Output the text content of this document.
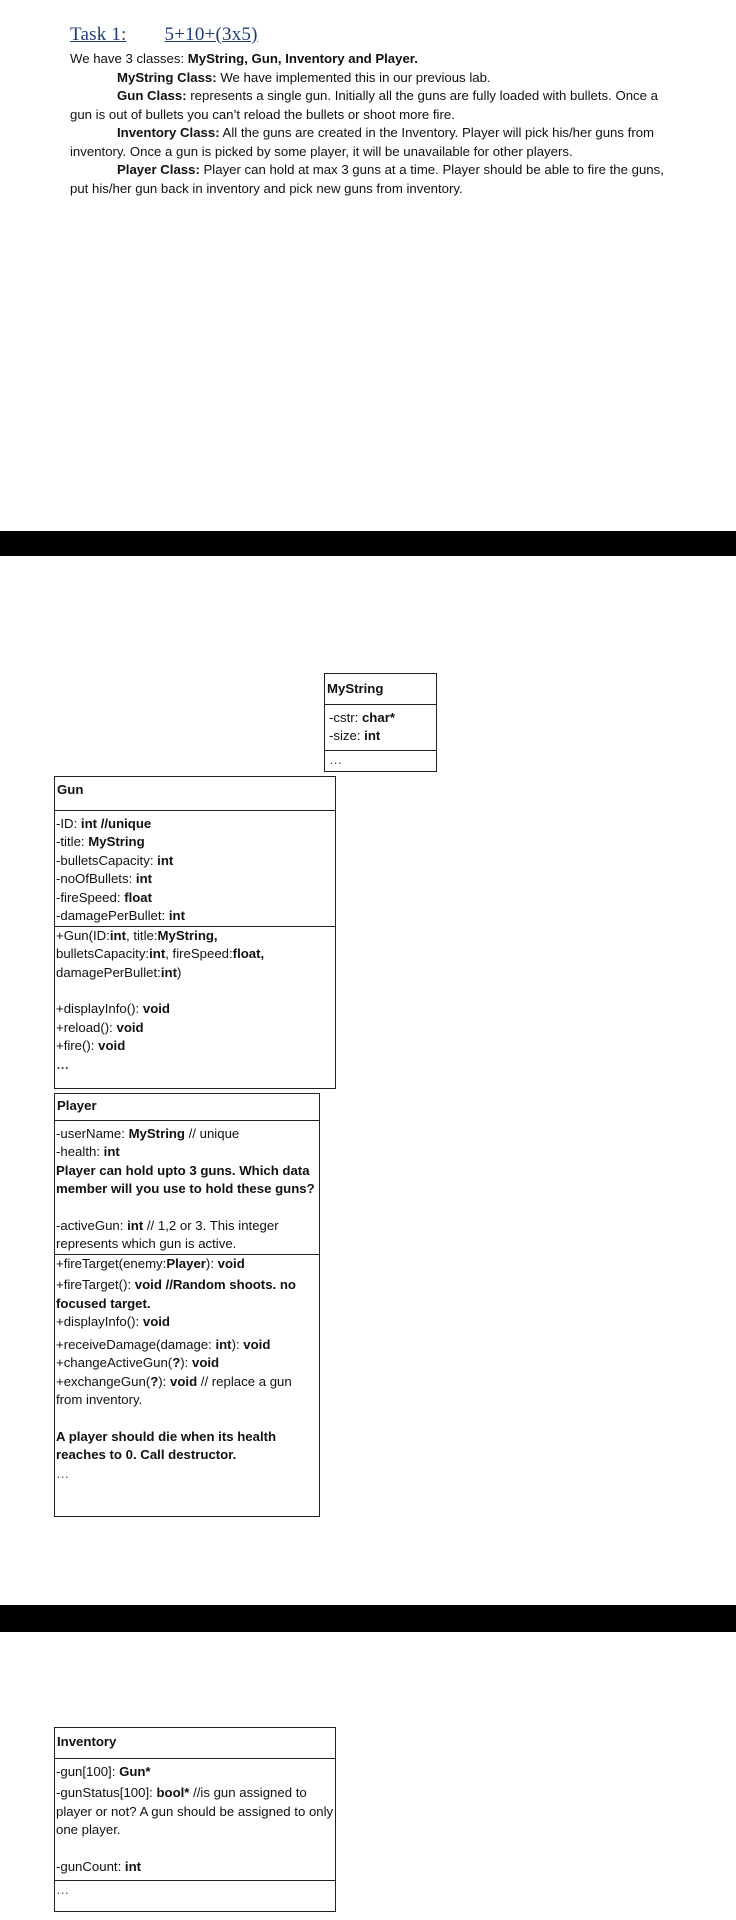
Task 1: 5+10+(3x5)

We have 3 classes: MyString, Gun, Inventory and Player.

MyString Class: We have implemented this in our previous lab.

Gun Class: represents a single gun. Initially all the guns are fully loaded with bullets. Once a gun is out of bullets you can’t reload the bullets or shoot more fire.

Inventory Class: All the guns are created in the Inventory. Player will pick his/her guns from inventory. Once a gun is picked by some player, it will be unavailable for other players.

Player Class: Player can hold at max 3 guns at a time. Player should be able to fire the guns, put his/her gun back in inventory and pick new guns from inventory.

MyString
-cstr: char*
-size: int
…
Gun
-ID: int //unique
-title: MyString
-bulletsCapacity: int
-noOfBullets: int
-fireSpeed: float
-damagePerBullet: int
+Gun(ID:int, title:MyString,
bulletsCapacity:int, fireSpeed:float,
damagePerBullet:int)
+displayInfo(): void
+reload(): void
+fire(): void
…
Player
-userName: MyString // unique
-health: int
Player can hold upto 3 guns. Which data member will you use to hold these guns?
-activeGun: int // 1,2 or 3. This integer represents which gun is active.
+fireTarget(enemy:Player): void
+fireTarget(): void //Random shoots. no focused target.
+displayInfo(): void
+receiveDamage(damage: int): void
+changeActiveGun(?): void
+exchangeGun(?): void // replace a gun from inventory.
A player should die when its health reaches to 0. Call destructor.
…
Inventory
-gun[100]: Gun*
-gunStatus[100]: bool* //is gun assigned to player or not? A gun should be assigned to only one player.
-gunCount: int
…
